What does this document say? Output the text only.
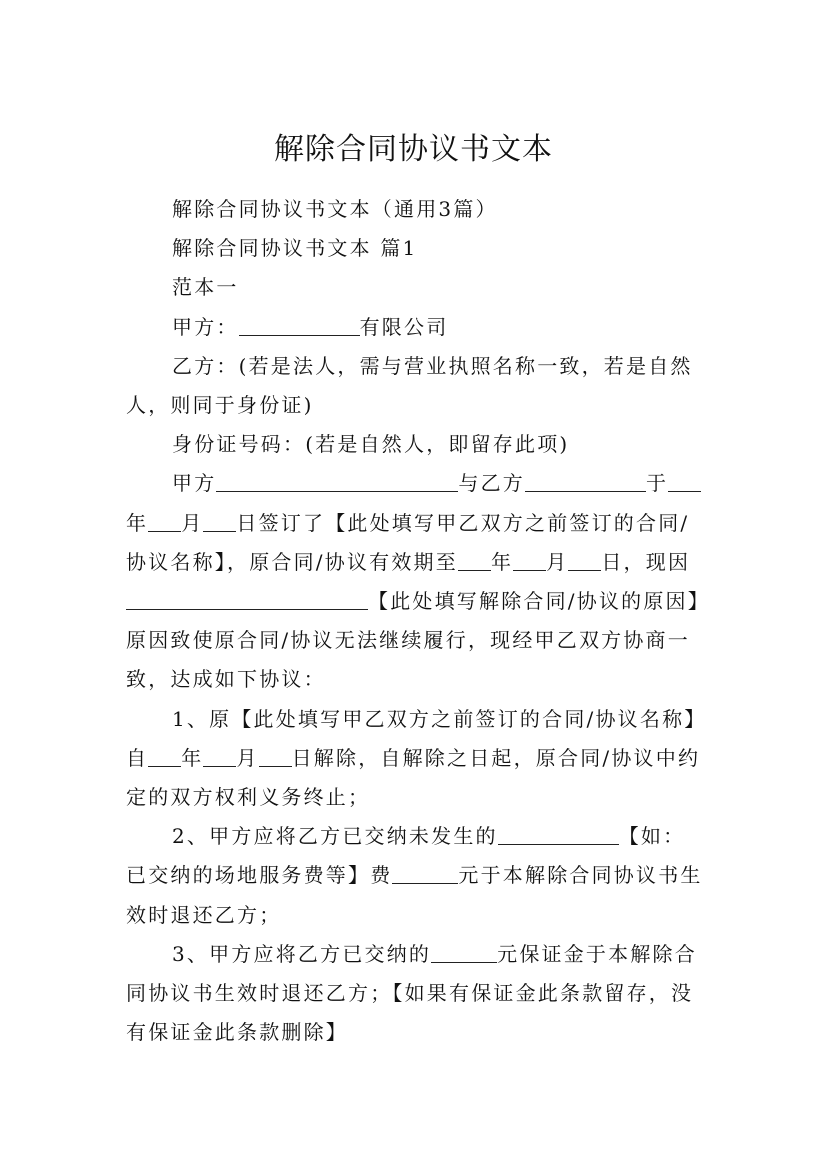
解除合同协议书文本

解除合同协议书文本（通用3篇）

解除合同协议书文本 篇1

范本一

甲方：	有限公司

乙方：(若是法人，需与营业执照名称一致，若是自然人，则同于身份证)

身份证号码：(若是自然人，即留存此项)

甲方	与乙方	于年 月 日签订了【此处填写甲乙双方之前签订的合同/协议名称】，原合同/协议有效期至 年 月 日，现因【此处填写解除合同/协议的原因】原因致使原合同/协议无法继续履行，现经甲乙双方协商一致，达成如下协议：

1、原【此处填写甲乙双方之前签订的合同/协议名称】自 年 月 日解除，自解除之日起，原合同/协议中约定的双方权利义务终止；

2、甲方应将乙方已交纳未发生的	【如：已交纳的场地服务费等】费	元于本解除合同协议书生效时退还乙方；

3、甲方应将乙方已交纳的	元保证金于本解除合同协议书生效时退还乙方；【如果有保证金此条款留存，没有保证金此条款删除】
